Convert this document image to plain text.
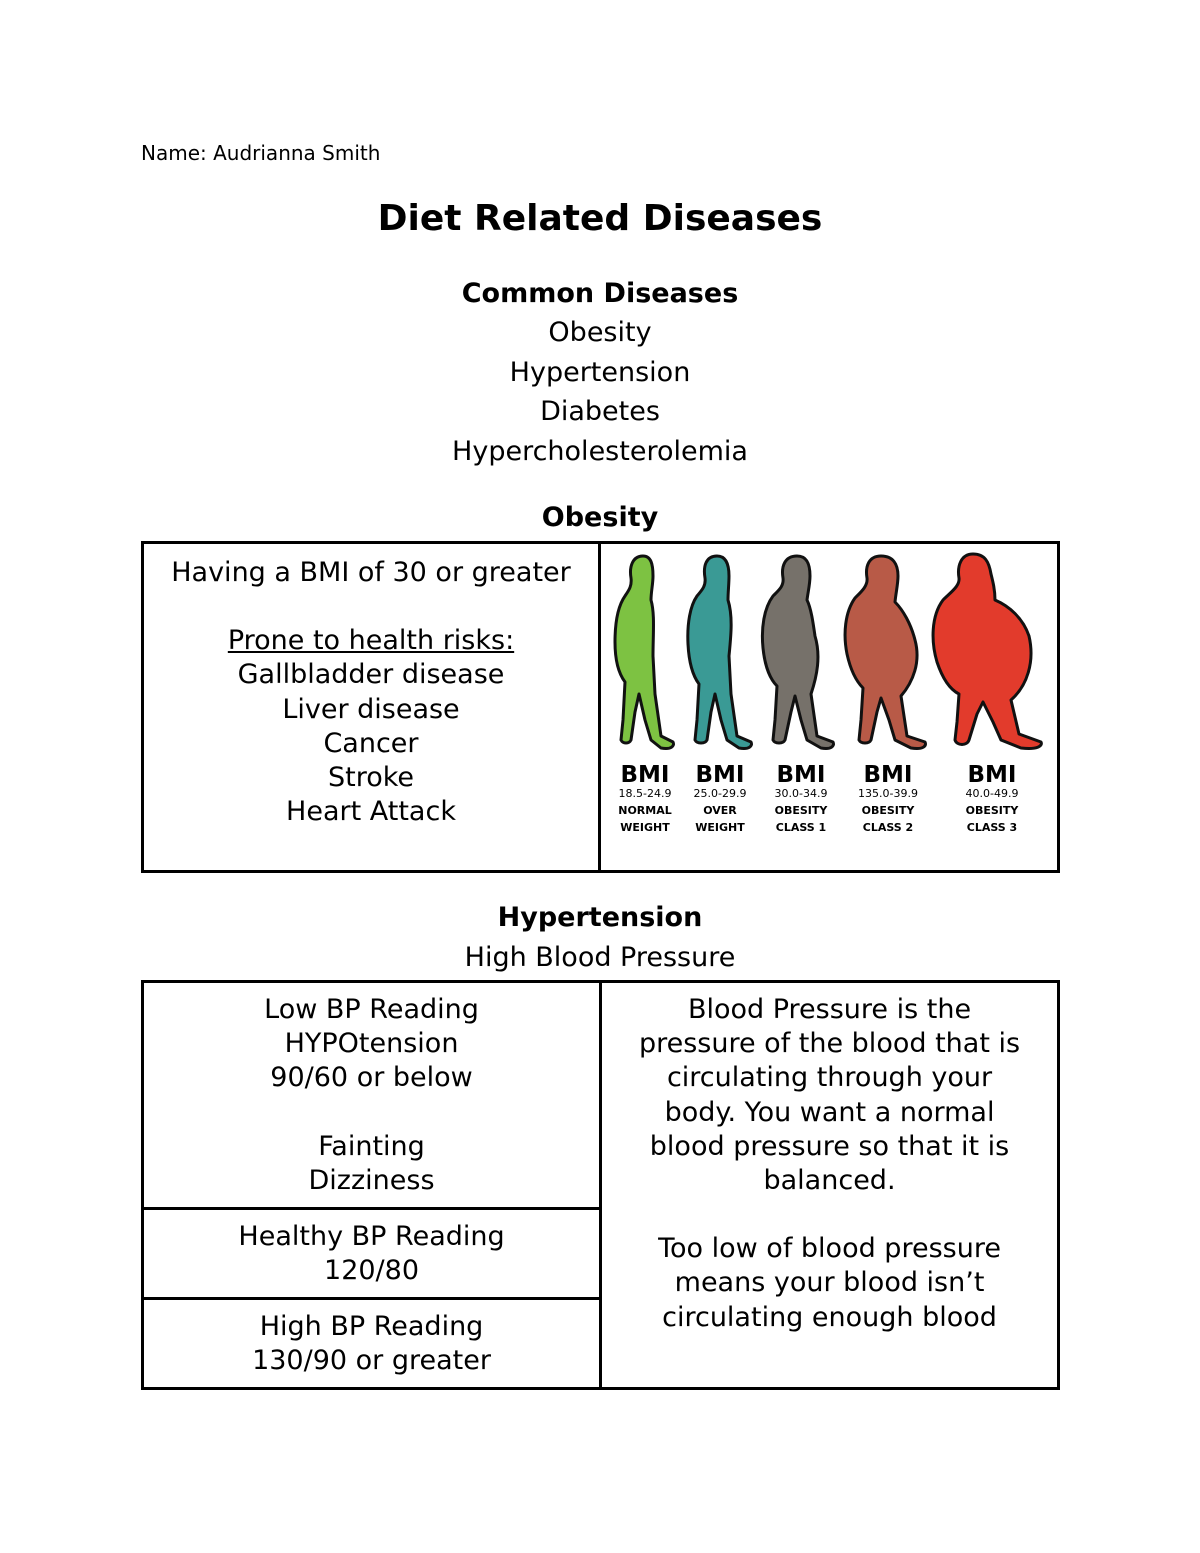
Name: Audrianna Smith
Diet Related Diseases
Common Diseases
Obesity
Hypertension
Diabetes
Hypercholesterolemia
Obesity
Having a BMI of 30 or greater
Prone to health risks:
Gallbladder disease
Liver disease
Cancer
Stroke
Heart Attack

BMI
18.5-24.9
NORMAL
WEIGHT
BMI
25.0-29.9
OVER
WEIGHT
BMI
30.0-34.9
OBESITY
CLASS 1
BMI
135.0-39.9
OBESITY
CLASS 2
BMI
40.0-49.9
OBESITY
CLASS 3
Hypertension
High Blood Pressure
Low BP Reading
HYPOtension
90/60 or below
Fainting
Dizziness

Blood Pressure is the
pressure of the blood that is
circulating through your
body. You want a normal
blood pressure so that it is
balanced.
Too low of blood pressure
means your blood isn’t
circulating enough blood

Healthy BP Reading
120/80

High BP Reading
130/90 or greater
